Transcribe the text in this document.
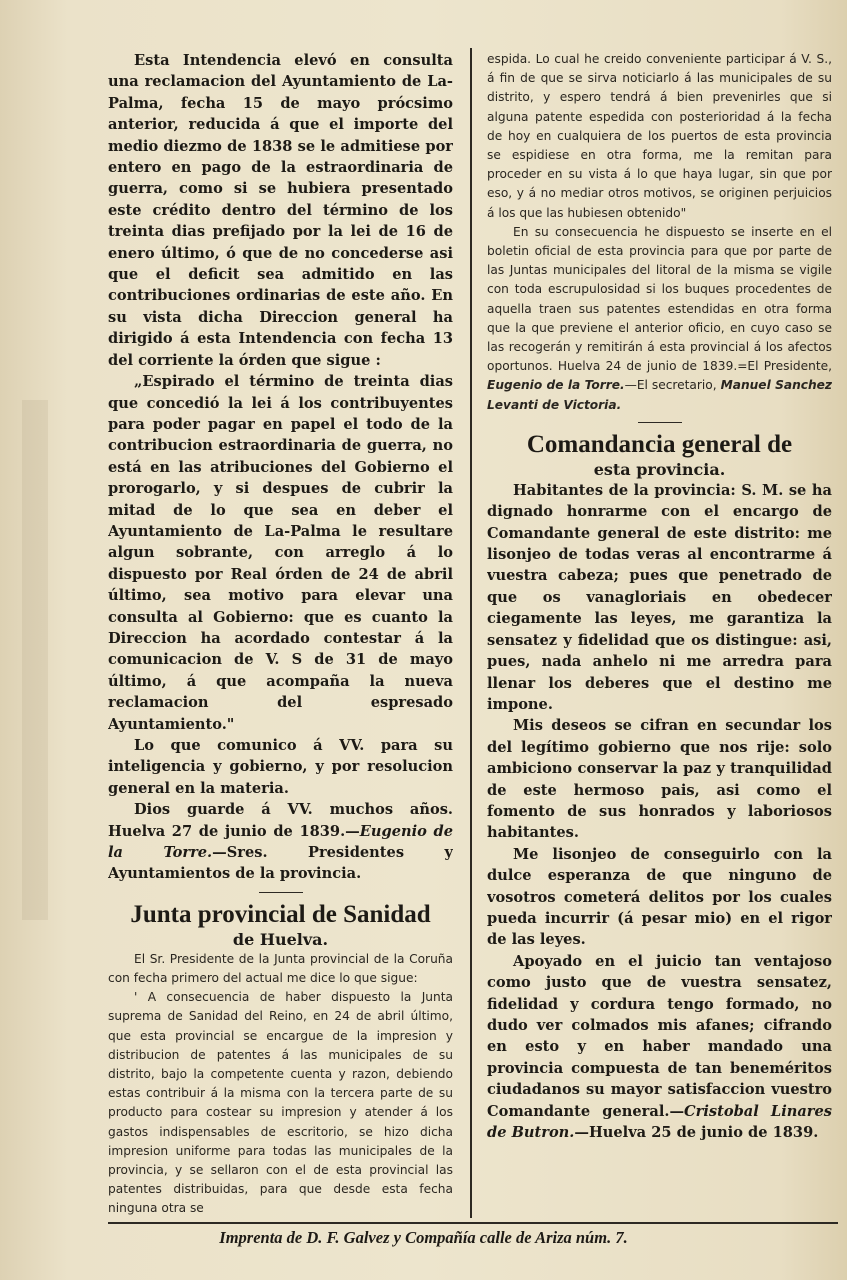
Esta Intendencia elevó en consulta una reclamacion del Ayuntamiento de La-Palma, fecha 15 de mayo prócsimo anterior, reducida á que el importe del medio diezmo de 1838 se le admitiese por entero en pago de la estraordinaria de guerra, como si se hubiera presentado este crédito dentro del término de los treinta dias prefijado por la lei de 16 de enero último, ó que de no concederse asi que el deficit sea admitido en las contribuciones ordinarias de este año. En su vista dicha Direccion general ha dirigido á esta Intendencia con fecha 13 del corriente la órden que sigue :

„Espirado el término de treinta dias que concedió la lei á los contribuyentes para poder pagar en papel el todo de la contribucion estraordinaria de guerra, no está en las atribuciones del Gobierno el prorogarlo, y si despues de cubrir la mitad de lo que sea en deber el Ayuntamiento de La-Palma le resultare algun sobrante, con arreglo á lo dispuesto por Real órden de 24 de abril último, sea motivo para elevar una consulta al Gobierno: que es cuanto la Direccion ha acordado contestar á la comunicacion de V. S de 31 de mayo último, á que acompaña la nueva reclamacion del espresado Ayuntamiento."

Lo que comunico á VV. para su inteligencia y gobierno, y por resolucion general en la materia.

Dios guarde á VV. muchos años. Huelva 27 de junio de 1839.—Eugenio de la Torre.—Sres. Presidentes y Ayuntamientos de la provincia.

Junta provincial de Sanidad
de Huelva.

El Sr. Presidente de la Junta provincial de la Coruña con fecha primero del actual me dice lo que sigue:

' A consecuencia de haber dispuesto la Junta suprema de Sanidad del Reino, en 24 de abril último, que esta provincial se encargue de la impresion y distribucion de patentes á las municipales de su distrito, bajo la competente cuenta y razon, debiendo estas contribuir á la misma con la tercera parte de su producto para costear su impresion y atender á los gastos indispensables de escritorio, se hizo dicha impresion uniforme para todas las municipales de la provincia, y se sellaron con el de esta provincial las patentes distribuidas, para que desde esta fecha ninguna otra se

espida. Lo cual he creido conveniente participar á V. S., á fin de que se sirva noticiarlo á las municipales de su distrito, y espero tendrá á bien prevenirles que si alguna patente espedida con posterioridad á la fecha de hoy en cualquiera de los puertos de esta provincia se espidiese en otra forma, me la remitan para proceder en su vista á lo que haya lugar, sin que por eso, y á no mediar otros motivos, se originen perjuicios á los que las hubiesen obtenido"

En su consecuencia he dispuesto se inserte en el boletin oficial de esta provincia para que por parte de las Juntas municipales del litoral de la misma se vigile con toda escrupulosidad si los buques procedentes de aquella traen sus patentes estendidas en otra forma que la que previene el anterior oficio, en cuyo caso se las recogerán y remitirán á esta provincial á los afectos oportunos. Huelva 24 de junio de 1839.=El Presidente, Eugenio de la Torre.—El secretario, Manuel Sanchez Levanti de Victoria.

Comandancia general de
esta provincia.

Habitantes de la provincia: S. M. se ha dignado honrarme con el encargo de Comandante general de este distrito: me lisonjeo de todas veras al encontrarme á vuestra cabeza; pues que penetrado de que os vanagloriais en obedecer ciegamente las leyes, me garantiza la sensatez y fidelidad que os distingue: asi, pues, nada anhelo ni me arredra para llenar los deberes que el destino me impone.

Mis deseos se cifran en secundar los del legítimo gobierno que nos rije: solo ambiciono conservar la paz y tranquilidad de este hermoso pais, asi como el fomento de sus honrados y laboriosos habitantes.

Me lisonjeo de conseguirlo con la dulce esperanza de que ninguno de vosotros cometerá delitos por los cuales pueda incurrir (á pesar mio) en el rigor de las leyes.

Apoyado en el juicio tan ventajoso como justo que de vuestra sensatez, fidelidad y cordura tengo formado, no dudo ver colmados mis afanes; cifrando en esto y en haber mandado una provincia compuesta de tan beneméritos ciudadanos su mayor satisfaccion vuestro Comandante general.—Cristobal Linares de Butron.—Huelva 25 de junio de 1839.

Imprenta de D. F. Galvez y Compañía calle de Ariza núm. 7.
